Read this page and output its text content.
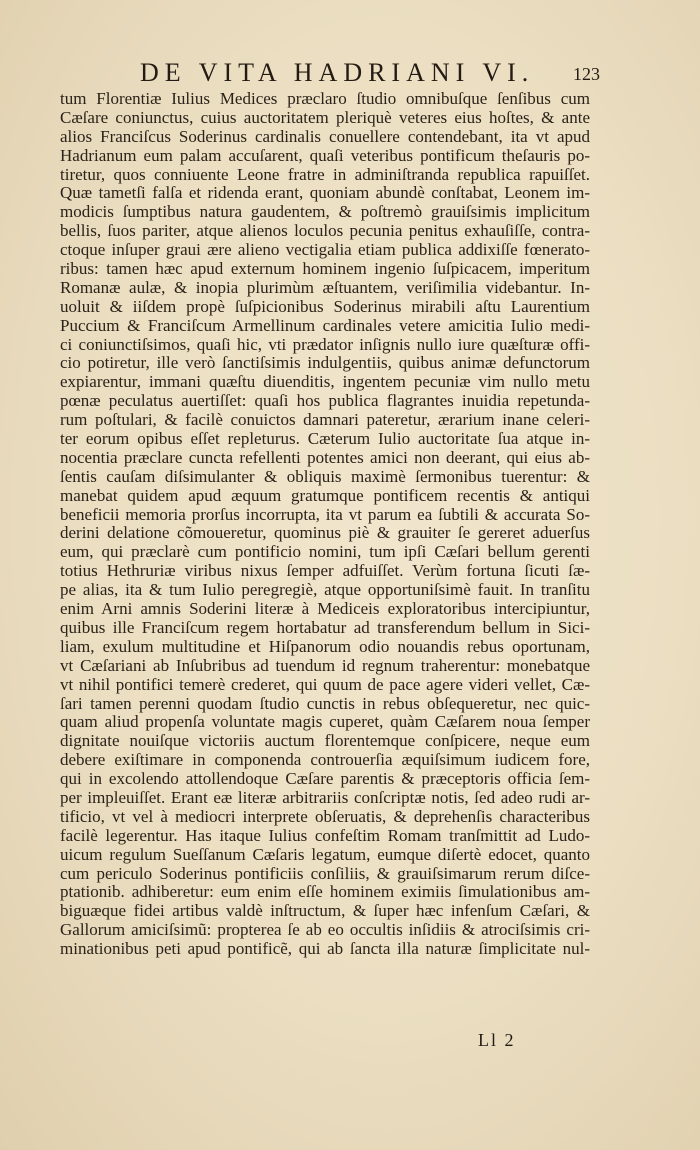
DE VITA HADRIANI VI. 123
tum Florentiæ Iulius Medices præclaro ſtudio omnibuſque ſenſibus cum
Cæſare coniunctus, cuius auctoritatem pleriquè veteres eius hoſtes, & ante
alios Franciſcus Soderinus cardinalis conuellere contendebant, ita vt apud
Hadrianum eum palam accuſarent, quaſi veteribus pontificum theſauris po-
tiretur, quos conniuente Leone fratre in adminiſtranda republica rapuiſſet.
Quæ tametſi falſa et ridenda erant, quoniam abundè conſtabat, Leonem im-
modicis ſumptibus natura gaudentem, & poſtremò grauiſsimis implicitum
bellis, ſuos pariter, atque alienos loculos pecunia penitus exhauſiſſe, contra-
ctoque inſuper graui ære alieno vectigalia etiam publica addixiſſe fœnerato-
ribus: tamen hæc apud externum hominem ingenio ſuſpicacem, imperitum
Romanæ aulæ, & inopia plurimùm æſtuantem, veriſimilia videbantur. In-
uoluit & iiſdem propè ſuſpicionibus Soderinus mirabili aſtu Laurentium
Puccium & Franciſcum Armellinum cardinales vetere amicitia Iulio medi-
ci coniunctiſsimos, quaſi hic, vti prædator inſignis nullo iure quæſturæ offi-
cio potiretur, ille verò ſanctiſsimis indulgentiis, quibus animæ defunctorum
expiarentur, immani quæſtu diuenditis, ingentem pecuniæ vim nullo metu
pœnæ peculatus auertiſſet: quaſi hos publica flagrantes inuidia repetunda-
rum poſtulari, & facilè conuictos damnari pateretur, ærarium inane celeri-
ter eorum opibus eſſet repleturus. Cæterum Iulio auctoritate ſua atque in-
nocentia præclare cuncta refellenti potentes amici non deerant, qui eius ab-
ſentis cauſam diſsimulanter & obliquis maximè ſermonibus tuerentur: &
manebat quidem apud æquum gratumque pontificem recentis & antiqui
beneficii memoria prorſus incorrupta, ita vt parum ea ſubtili & accurata So-
derini delatione cõmoueretur, quominus piè & grauiter ſe gereret aduerſus
eum, qui præclarè cum pontificio nomini, tum ipſi Cæſari bellum gerenti
totius Hethruriæ viribus nixus ſemper adfuiſſet. Verùm fortuna ſicuti ſæ-
pe alias, ita & tum Iulio peregregiè, atque opportuniſsimè fauit. In tranſitu
enim Arni amnis Soderini literæ à Mediceis exploratoribus intercipiuntur,
quibus ille Franciſcum regem hortabatur ad transferendum bellum in Sici-
liam, exulum multitudine et Hiſpanorum odio nouandis rebus oportunam,
vt Cæſariani ab Inſubribus ad tuendum id regnum traherentur: monebatque
vt nihil pontifici temerè crederet, qui quum de pace agere videri vellet, Cæ-
ſari tamen perenni quodam ſtudio cunctis in rebus obſequeretur, nec quic-
quam aliud propenſa voluntate magis cuperet, quàm Cæſarem noua ſemper
dignitate nouiſque victoriis auctum florentemque conſpicere, neque eum
debere exiſtimare in componenda controuerſia æquiſsimum iudicem fore,
qui in excolendo attollendoque Cæſare parentis & præceptoris officia ſem-
per impleuiſſet. Erant eæ literæ arbitrariis conſcriptæ notis, ſed adeo rudi ar-
tificio, vt vel à mediocri interprete obſeruatis, & deprehenſis characteribus
facilè legerentur. Has itaque Iulius confeſtim Romam tranſmittit ad Ludo-
uicum regulum Sueſſanum Cæſaris legatum, eumque diſertè edocet, quanto
cum periculo Soderinus pontificiis conſiliis, & grauiſsimarum rerum diſce-
ptationib. adhiberetur: eum enim eſſe hominem eximiis ſimulationibus am-
biguæque fidei artibus valdè inſtructum, & ſuper hæc infenſum Cæſari, &
Gallorum amiciſsimũ: propterea ſe ab eo occultis inſidiis & atrociſsimis cri-
minationibus peti apud pontificẽ, qui ab ſancta illa naturæ ſimplicitate nul-
Ll 2
